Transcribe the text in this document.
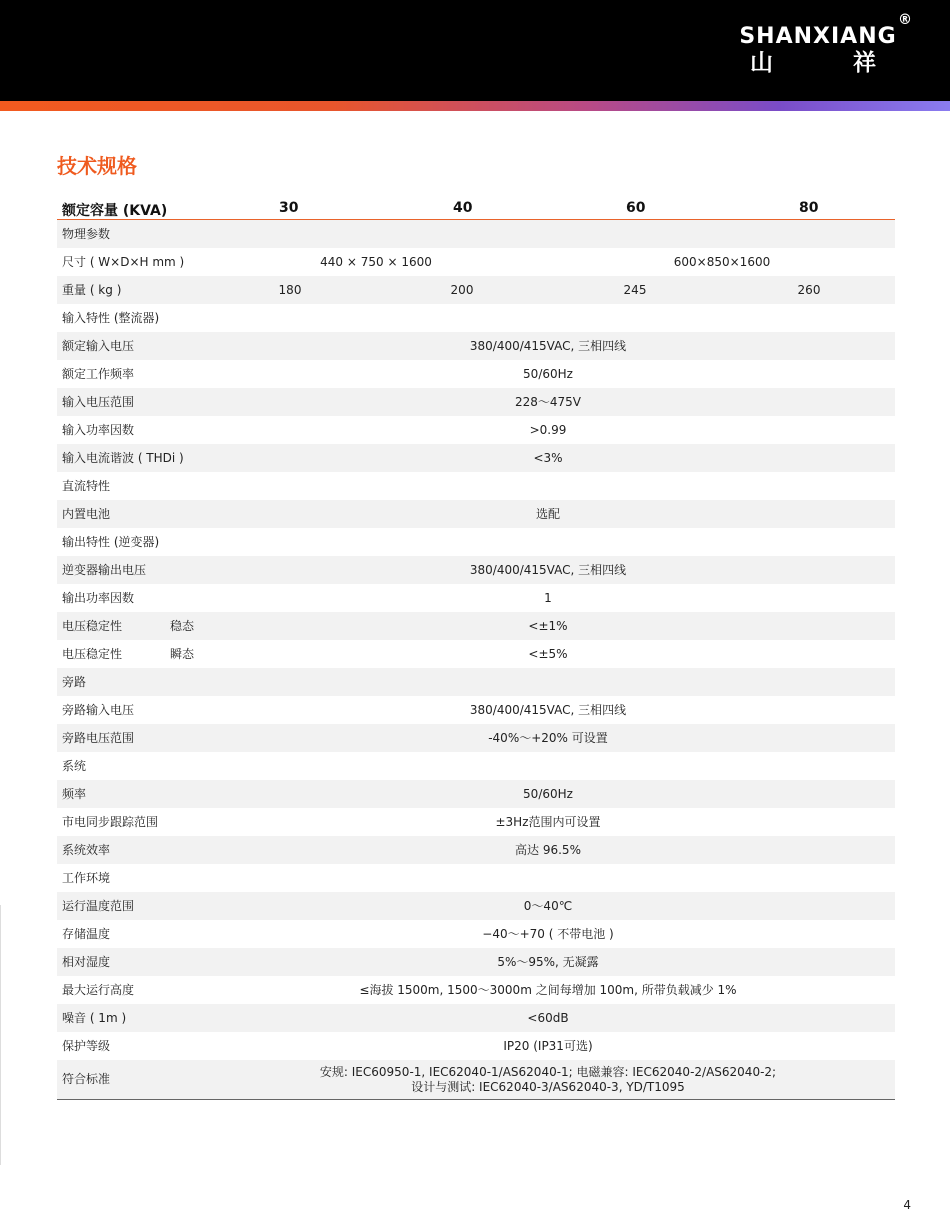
SHANXIANG
®
山	祥
技术规格
额定容量 (KVA)	30	40	60	80
物理参数
尺寸 ( W×D×H mm )	440 × 750 × 1600	600×850×1600
重量 ( kg )	180	200	245	260
输入特性 (整流器)
额定输入电压	380/400/415VAC, 三相四线
额定工作频率	50/60Hz
输入电压范围	228～475V
输入功率因数	>0.99
输入电流谐波 ( THDi )	<3%
直流特性
内置电池	选配
输出特性 (逆变器)
逆变器输出电压	380/400/415VAC, 三相四线
输出功率因数	1
电压稳定性	稳态	<±1%
电压稳定性	瞬态	<±5%
旁路
旁路输入电压	380/400/415VAC, 三相四线
旁路电压范围	-40%～+20% 可设置
系统
频率	50/60Hz
市电同步跟踪范围	±3Hz范围内可设置
系统效率	高达 96.5%
工作环境
运行温度范围	0～40℃
存储温度	−40～+70 ( 不带电池 )
相对湿度	5%～95%, 无凝露
最大运行高度	≤海拔 1500m, 1500～3000m 之间每增加 100m, 所带负载减少 1%
噪音 ( 1m )	<60dB
保护等级	IP20 (IP31可选)
符合标准	安规: IEC60950-1, IEC62040-1/AS62040-1; 电磁兼容: IEC62040-2/AS62040-2;
设计与测试: IEC62040-3/AS62040-3, YD/T1095
4
